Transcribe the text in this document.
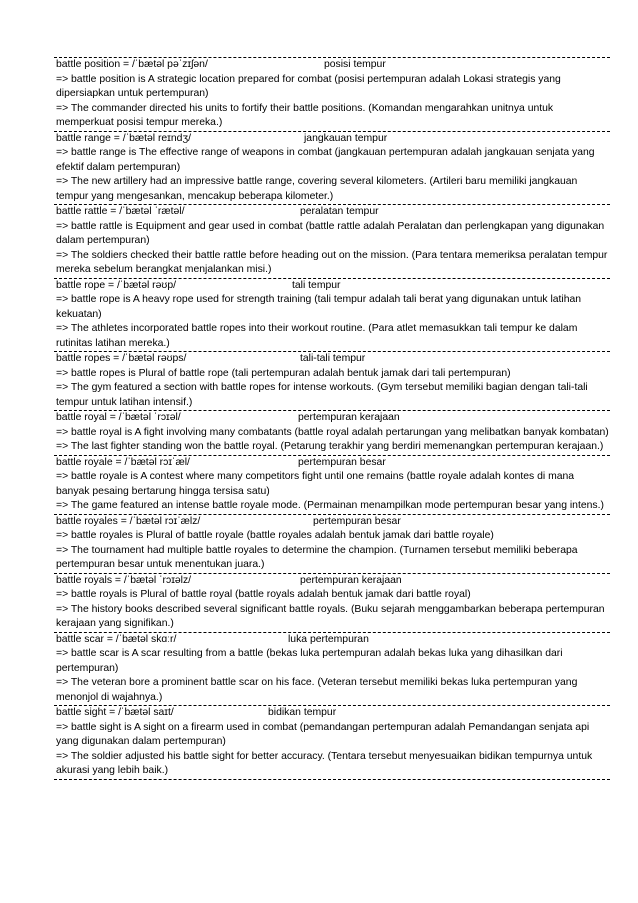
battle position = /ˈbætəl pəˈzɪʃən/	posisi tempur
=> battle position is A strategic location prepared for combat (posisi pertempuran adalah Lokasi strategis yang dipersiapkan untuk pertempuran)
=> The commander directed his units to fortify their battle positions. (Komandan mengarahkan unitnya untuk memperkuat posisi tempur mereka.)
battle range = /ˈbætəl reɪndʒ/	jangkauan tempur
=> battle range is The effective range of weapons in combat (jangkauan pertempuran adalah jangkauan senjata yang efektif dalam pertempuran)
=> The new artillery had an impressive battle range, covering several kilometers. (Artileri baru memiliki jangkauan tempur yang mengesankan, mencakup beberapa kilometer.)
battle rattle = /ˈbætəl ˈrætəl/	peralatan tempur
=> battle rattle is Equipment and gear used in combat (battle rattle adalah Peralatan dan perlengkapan yang digunakan dalam pertempuran)
=> The soldiers checked their battle rattle before heading out on the mission. (Para tentara memeriksa peralatan tempur mereka sebelum berangkat menjalankan misi.)
battle rope = /ˈbætəl rəʊp/	tali tempur
=> battle rope is A heavy rope used for strength training (tali tempur adalah tali berat yang digunakan untuk latihan kekuatan)
=> The athletes incorporated battle ropes into their workout routine. (Para atlet memasukkan tali tempur ke dalam rutinitas latihan mereka.)
battle ropes = /ˈbætəl rəʊps/	tali-tali tempur
=> battle ropes is Plural of battle rope (tali pertempuran adalah bentuk jamak dari tali pertempuran)
=> The gym featured a section with battle ropes for intense workouts. (Gym tersebut memiliki bagian dengan tali-tali tempur untuk latihan intensif.)
battle royal = /ˈbætəl ˈrɔɪəl/	pertempuran kerajaan
=> battle royal is A fight involving many combatants (battle royal adalah pertarungan yang melibatkan banyak kombatan)
=> The last fighter standing won the battle royal. (Petarung terakhir yang berdiri memenangkan pertempuran kerajaan.)
battle royale = /ˈbætəl rɔɪˈæl/	pertempuran besar
=> battle royale is A contest where many competitors fight until one remains (battle royale adalah kontes di mana banyak pesaing bertarung hingga tersisa satu)
=> The game featured an intense battle royale mode. (Permainan menampilkan mode pertempuran besar yang intens.)
battle royales = /ˈbætəl rɔɪˈælz/	pertempuran besar
=> battle royales is Plural of battle royale (battle royales adalah bentuk jamak dari battle royale)
=> The tournament had multiple battle royales to determine the champion. (Turnamen tersebut memiliki beberapa pertempuran besar untuk menentukan juara.)
battle royals = /ˈbætəl ˈrɔɪəlz/	pertempuran kerajaan
=> battle royals is Plural of battle royal (battle royals adalah bentuk jamak dari battle royal)
=> The history books described several significant battle royals. (Buku sejarah menggambarkan beberapa pertempuran kerajaan yang signifikan.)
battle scar = /ˈbætəl skɑːr/	luka pertempuran
=> battle scar is A scar resulting from a battle (bekas luka pertempuran adalah bekas luka yang dihasilkan dari pertempuran)
=> The veteran bore a prominent battle scar on his face. (Veteran tersebut memiliki bekas luka pertempuran yang menonjol di wajahnya.)
battle sight = /ˈbætəl saɪt/	bidikan tempur
=> battle sight is A sight on a firearm used in combat (pemandangan pertempuran adalah Pemandangan senjata api yang digunakan dalam pertempuran)
=> The soldier adjusted his battle sight for better accuracy. (Tentara tersebut menyesuaikan bidikan tempurnya untuk akurasi yang lebih baik.)
